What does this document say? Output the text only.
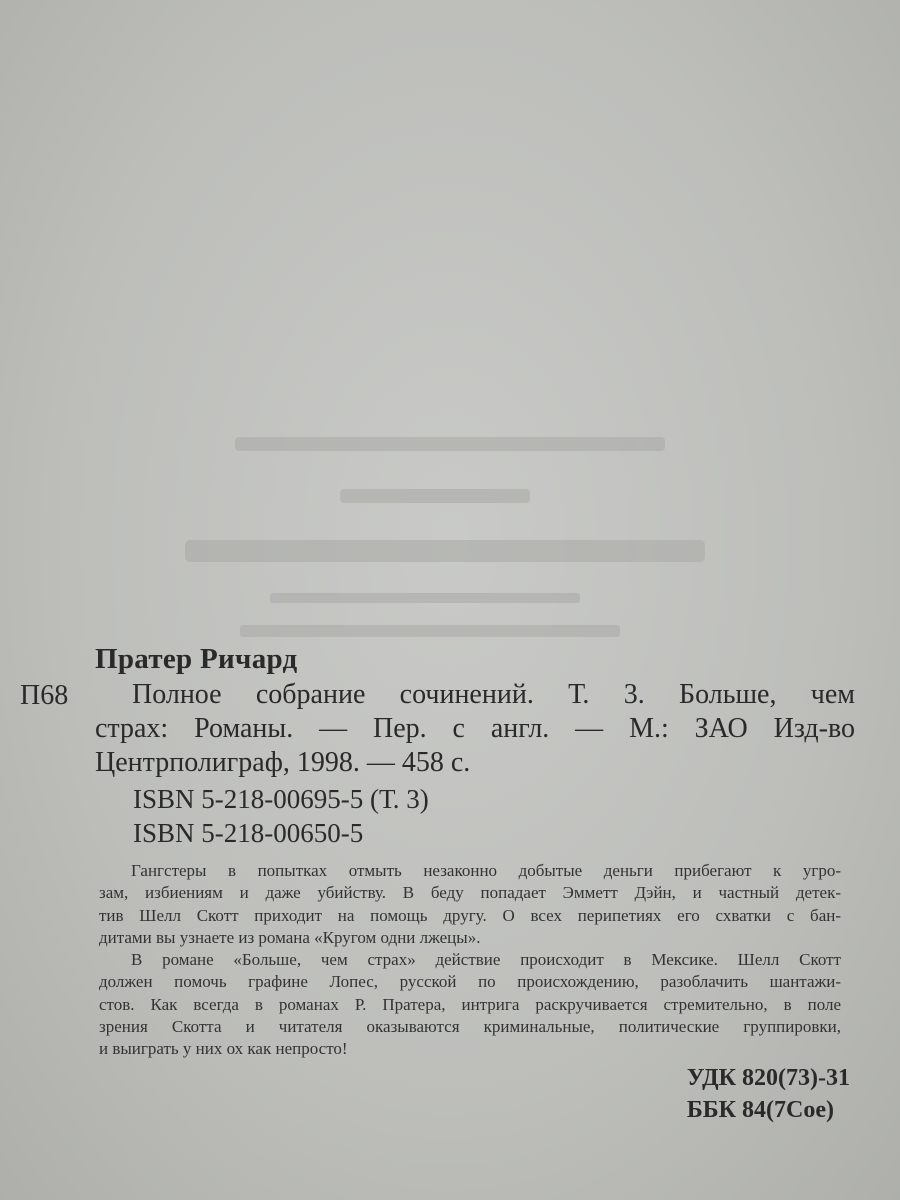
Пратер Ричард
П68	Полное собрание сочинений. Т. 3. Больше, чем
страх: Романы. — Пер. с англ. — М.: ЗАО Изд-во
Центрполиграф, 1998. — 458 с.
ISBN 5-218-00695-5 (Т. 3)
ISBN 5-218-00650-5

Гангстеры в попытках отмыть незаконно добытые деньги прибегают к угро-
зам, избиениям и даже убийству. В беду попадает Эмметт Дэйн, и частный детек-
тив Шелл Скотт приходит на помощь другу. О всех перипетиях его схватки с бан-
дитами вы узнаете из романа «Кругом одни лжецы».

В романе «Больше, чем страх» действие происходит в Мексике. Шелл Скотт
должен помочь графине Лопес, русской по происхождению, разоблачить шантажи-
стов. Как всегда в романах Р. Пратера, интрига раскручивается стремительно, в поле
зрения Скотта и читателя оказываются криминальные, политические группировки,
и выиграть у них ох как непросто!

УДК 820(73)-31
ББК 84(7Сое)
